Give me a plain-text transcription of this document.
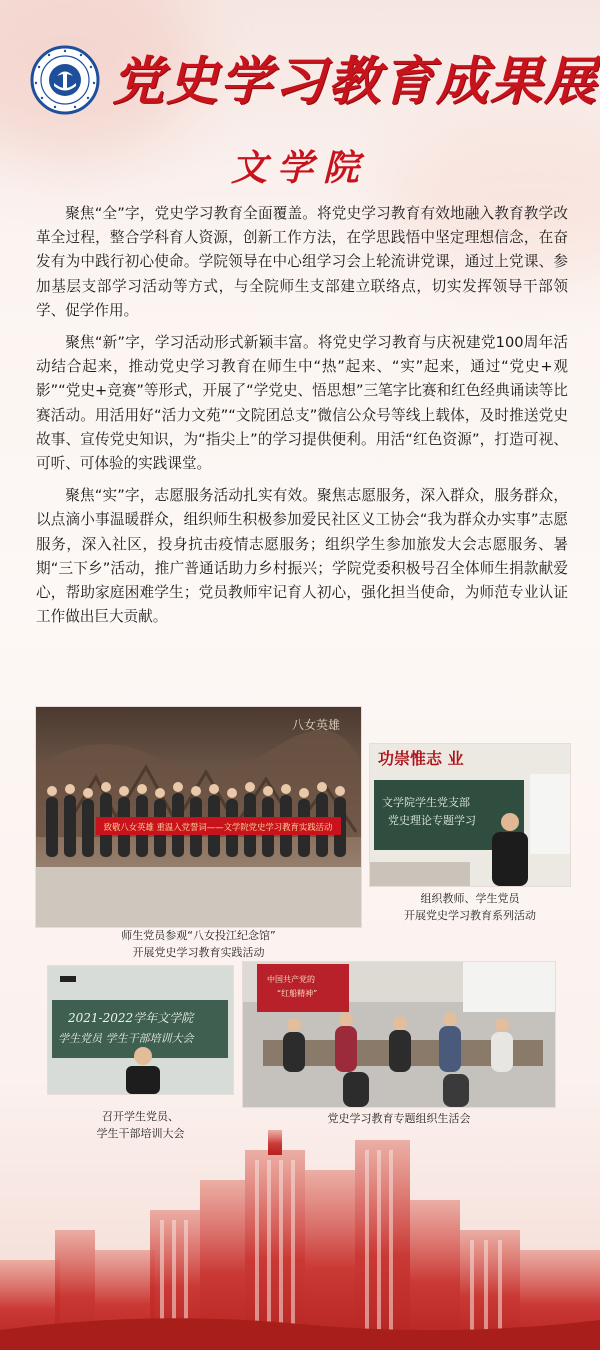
党史学习教育成果展
文学院

聚焦“全”字，党史学习教育全面覆盖。将党史学习教育有效地融入教育教学改革全过程，整合学科育人资源，创新工作方法，在学思践悟中坚定理想信念，在奋发有为中践行初心使命。学院领导在中心组学习会上轮流讲党课，通过上党课、参加基层支部学习活动等方式，与全院师生支部建立联络点，切实发挥领导干部领学、促学作用。

聚焦“新”字，学习活动形式新颖丰富。将党史学习教育与庆祝建党100周年活动结合起来，推动党史学习教育在师生中“热”起来、“实”起来，通过“党史+观影”“党史+竞赛”等形式，开展了“学党史、悟思想”三笔字比赛和红色经典诵读等比赛活动。用活用好“活力文苑”“文院团总支”微信公众号等线上载体，及时推送党史故事、宣传党史知识，为“指尖上”的学习提供便利。用活“红色资源”，打造可视、可听、可体验的实践课堂。

聚焦“实”字，志愿服务活动扎实有效。聚焦志愿服务，深入群众，服务群众，以点滴小事温暖群众，组织师生积极参加爱民社区义工协会“我为群众办实事”志愿服务，深入社区，投身抗击疫情志愿服务；组织学生参加旅发大会志愿服务、暑期“三下乡”活动，推广普通话助力乡村振兴；学院党委积极号召全体师生捐款献爱心，帮助家庭困难学生；党员教师牢记育人初心，强化担当使命，为师范专业认证工作做出巨大贡献。

八女英雄
致敬八女英雄 重温入党誓词——文学院党史学习教育实践活动
师生党员参观“八女投江纪念馆”
开展党史学习教育实践活动
功崇惟志 业
文学院学生党支部
党史理论专题学习
组织教师、学生党员
开展党史学习教育系列活动
2021-2022学年文学院
学生党员 学生干部培训大会
召开学生党员、
学生干部培训大会
中国共产党的
“红船精神”
党史学习教育专题组织生活会
